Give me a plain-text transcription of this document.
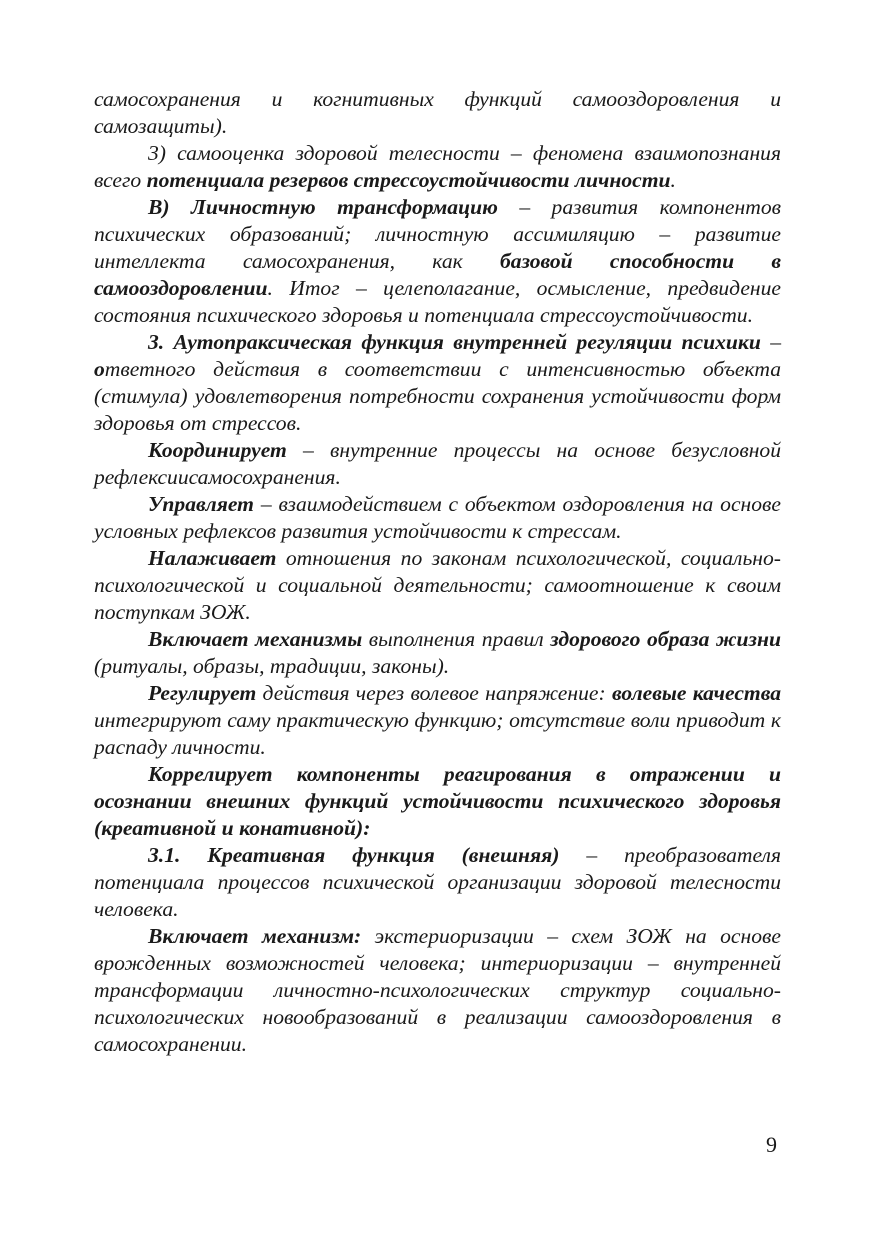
самосохранения и когнитивных функций самооздоровления и самозащиты).

3) самооценка здоровой телесности – феномена взаимопознания всего потенциала резервов стрессоустойчивости личности.

В) Личностную трансформацию – развития компонентов психических образований; личностную ассимиляцию – развитие интеллекта самосохранения, как базовой способности в самооздоровлении. Итог – целеполагание, осмысление, предвидение состояния психического здоровья и потенциала стрессоустойчивости.

3. Аутопраксическая функция внутренней регуляции психики – ответного действия в соответствии с интенсивностью объекта (стимула) удовлетворения потребности сохранения устойчивости форм здоровья от стрессов.

Координирует – внутренние процессы на основе безусловной рефлексиисамосохранения.

Управляет – взаимодействием с объектом оздоровления на основе условных рефлексов развития устойчивости к стрессам.

Налаживает отношения по законам психологической, социально-психологической и социальной деятельности; самоотношение к своим поступкам ЗОЖ.

Включает механизмы выполнения правил здорового образа жизни (ритуалы, образы, традиции, законы).

Регулирует действия через волевое напряжение: волевые качества интегрируют саму практическую функцию; отсутствие воли приводит к распаду личности.

Коррелирует компоненты реагирования в отражении и осознании внешних функций устойчивости психического здоровья (креативной и конативной):

3.1. Креативная функция (внешняя) – преобразователя потенциала процессов психической организации здоровой телесности человека.

Включает механизм: экстериоризации – схем ЗОЖ на основе врожденных возможностей человека; интериоризации – внутренней трансформации личностно-психологических структур социально-психологических новообразований в реализации самооздоровления в самосохранении.

9
